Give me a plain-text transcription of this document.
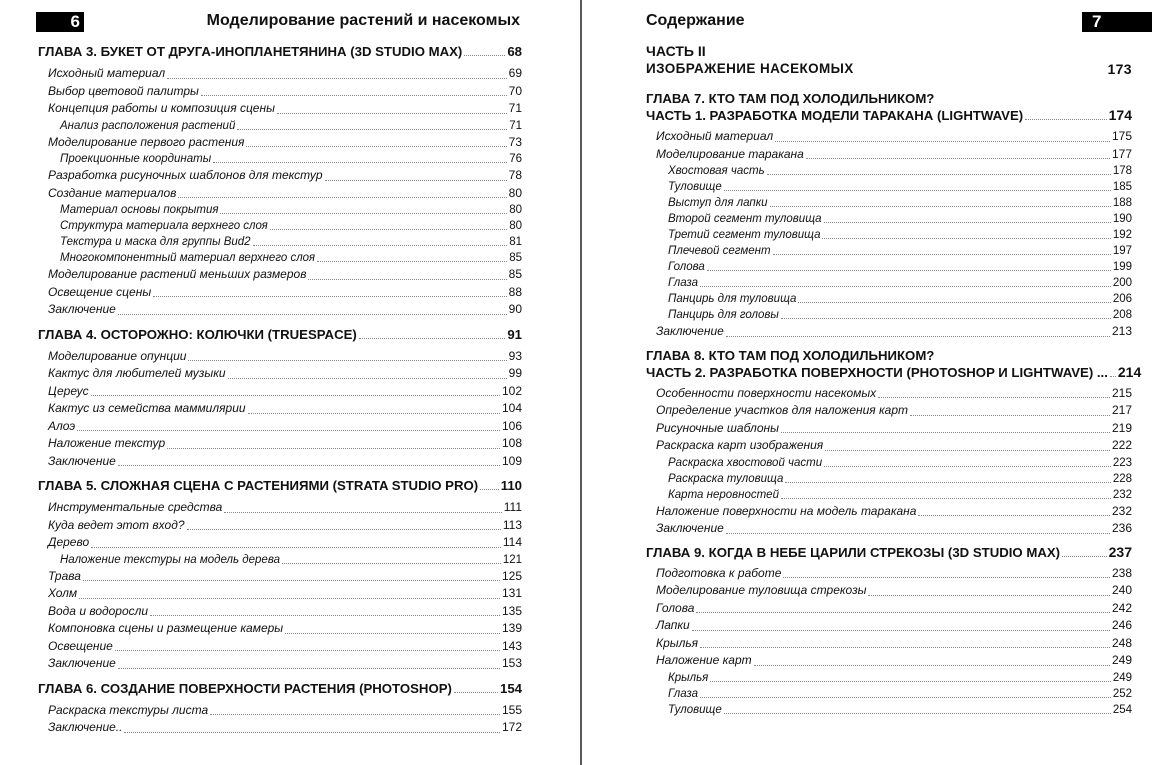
6	Моделирование растений и насекомых
ГЛАВА 3. БУКЕТ ОТ ДРУГА-ИНОПЛАНЕТЯНИНА (3D STUDIO MAX)	68
Исходный материал	69
Выбор цветовой палитры	70
Концепция работы и композиция сцены	71
Анализ расположения растений	71
Моделирование первого растения	73
Проекционные координаты	76
Разработка рисуночных шаблонов для текстур	78
Создание материалов	80
Материал основы покрытия	80
Структура материала верхнего слоя	80
Текстура и маска для группы Bud2	81
Многокомпонентный материал верхнего слоя	85
Моделирование растений меньших размеров	85
Освещение сцены	88
Заключение	90
ГЛАВА 4. ОСТОРОЖНО: КОЛЮЧКИ (TRUESPACE)	91
Моделирование опунции	93
Кактус для любителей музыки	99
Цереус	102
Кактус из семейства маммилярии	104
Алоэ	106
Наложение текстур	108
Заключение	109
ГЛАВА 5. СЛОЖНАЯ СЦЕНА С РАСТЕНИЯМИ (STRATA STUDIO PRO) 110
Инструментальные средства	111
Куда ведет этот вход?	113
Дерево	114
Наложение текстуры на модель дерева	121
Трава	125
Холм	131
Вода и водоросли	135
Компоновка сцены и размещение камеры	139
Освещение	143
Заключение	153
ГЛАВА 6. СОЗДАНИЕ ПОВЕРХНОСТИ РАСТЕНИЯ (PHOTOSHOP)	154
Раскраска текстуры листа	155
Заключение..	172
Содержание	7
ЧАСТЬ II
ИЗОБРАЖЕНИЕ НАСЕКОМЫХ	173
ГЛАВА 7. КТО ТАМ ПОД ХОЛОДИЛЬНИКОМ?
ЧАСТЬ 1. РАЗРАБОТКА МОДЕЛИ ТАРАКАНА (LIGHTWAVE)	174
Исходный материал	175
Моделирование таракана	177
Хвостовая часть	178
Туловище	185
Выступ для лапки	188
Второй сегмент туловища	190
Третий сегмент туловища	192
Плечевой сегмент	197
Голова	199
Глаза	200
Панцирь для туловища	206
Панцирь для головы	208
Заключение	213
ГЛАВА 8. КТО ТАМ ПОД ХОЛОДИЛЬНИКОМ?
ЧАСТЬ 2. РАЗРАБОТКА ПОВЕРХНОСТИ (PHOTOSHOP И LIGHTWAVE) ... 214
Особенности поверхности насекомых	215
Определение участков для наложения карт	217
Рисуночные шаблоны	219
Раскраска карт изображения	222
Раскраска хвостовой части	223
Раскраска туловища	228
Карта неровностей	232
Наложение поверхности на модель таракана	232
Заключение	236
ГЛАВА 9. КОГДА В НЕБЕ ЦАРИЛИ СТРЕКОЗЫ (3D STUDIO MAX)	237
Подготовка к работе	238
Моделирование туловища стрекозы	240
Голова	242
Лапки	246
Крылья	248
Наложение карт	249
Крылья	249
Глаза	252
Туловище	254
